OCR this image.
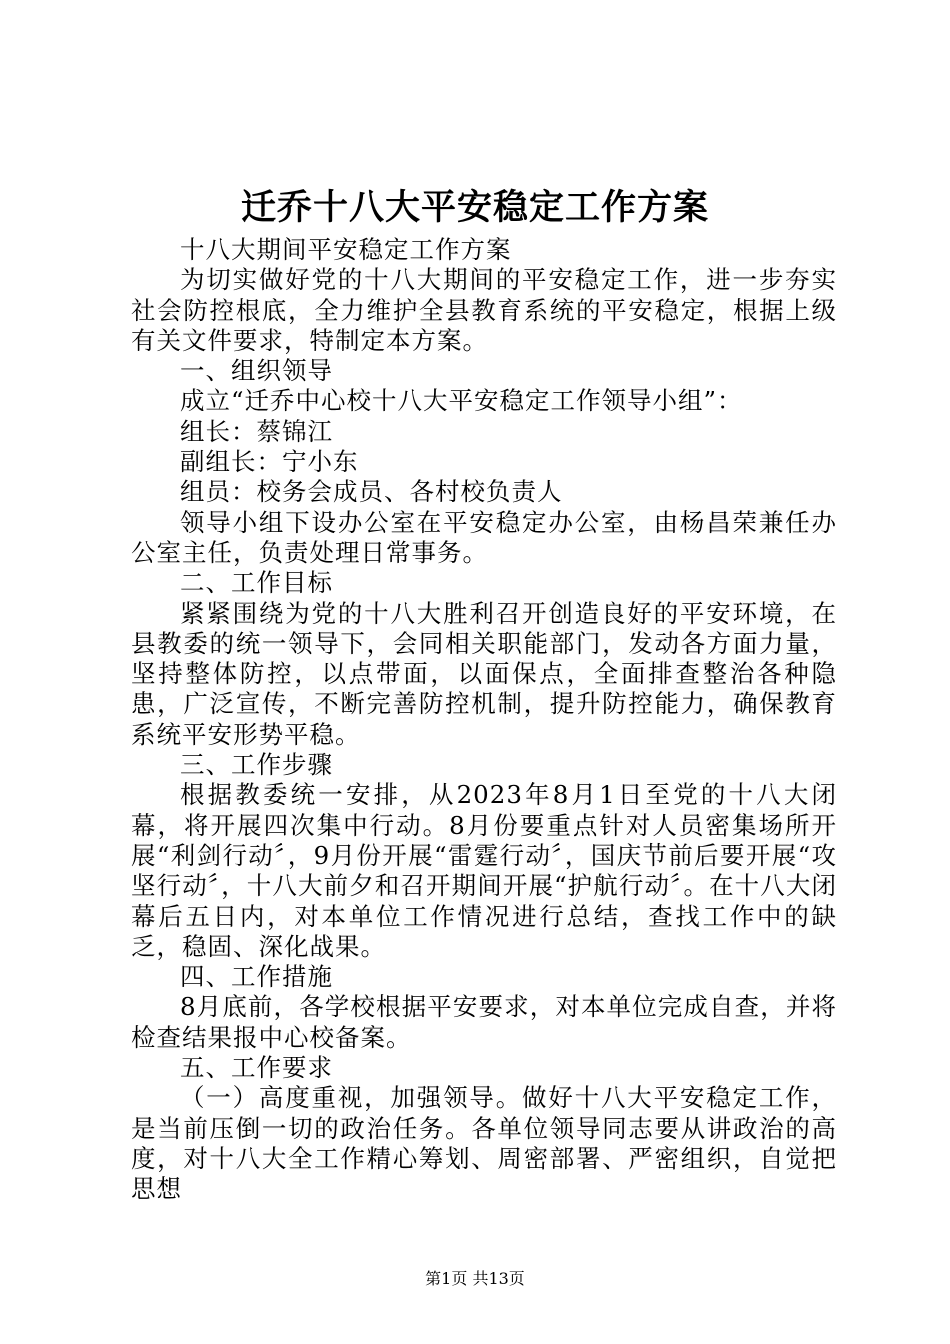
迁乔十八大平安稳定工作方案

十八大期间平安稳定工作方案

为切实做好党的十八大期间的平安稳定工作，进一步夯实社会防控根底，全力维护全县教育系统的平安稳定，根据上级有关文件要求，特制定本方案。

一、组织领导

成立“迁乔中心校十八大平安稳定工作领导小组”：

组长：蔡锦江

副组长：宁小东

组员：校务会成员、各村校负责人

领导小组下设办公室在平安稳定办公室，由杨昌荣兼任办公室主任，负责处理日常事务。

二、工作目标

紧紧围绕为党的十八大胜利召开创造良好的平安环境，在县教委的统一领导下，会同相关职能部门，发动各方面力量，坚持整体防控，以点带面，以面保点，全面排查整治各种隐患，广泛宣传，不断完善防控机制，提升防控能力，确保教育系统平安形势平稳。

三、工作步骤

根据教委统一安排，从2023年8月1日至党的十八大闭幕，将开展四次集中行动。8月份要重点针对人员密集场所开展“利剑行动〞，9月份开展“雷霆行动〞，国庆节前后要开展“攻坚行动〞，十八大前夕和召开期间开展“护航行动〞。在十八大闭幕后五日内，对本单位工作情况进行总结，查找工作中的缺乏，稳固、深化战果。

四、工作措施

8月底前，各学校根据平安要求，对本单位完成自查，并将检查结果报中心校备案。

五、工作要求

（一）高度重视，加强领导。做好十八大平安稳定工作，是当前压倒一切的政治任务。各单位领导同志要从讲政治的高度，对十八大全工作精心筹划、周密部署、严密组织，自觉把思想

第1页 共13页
